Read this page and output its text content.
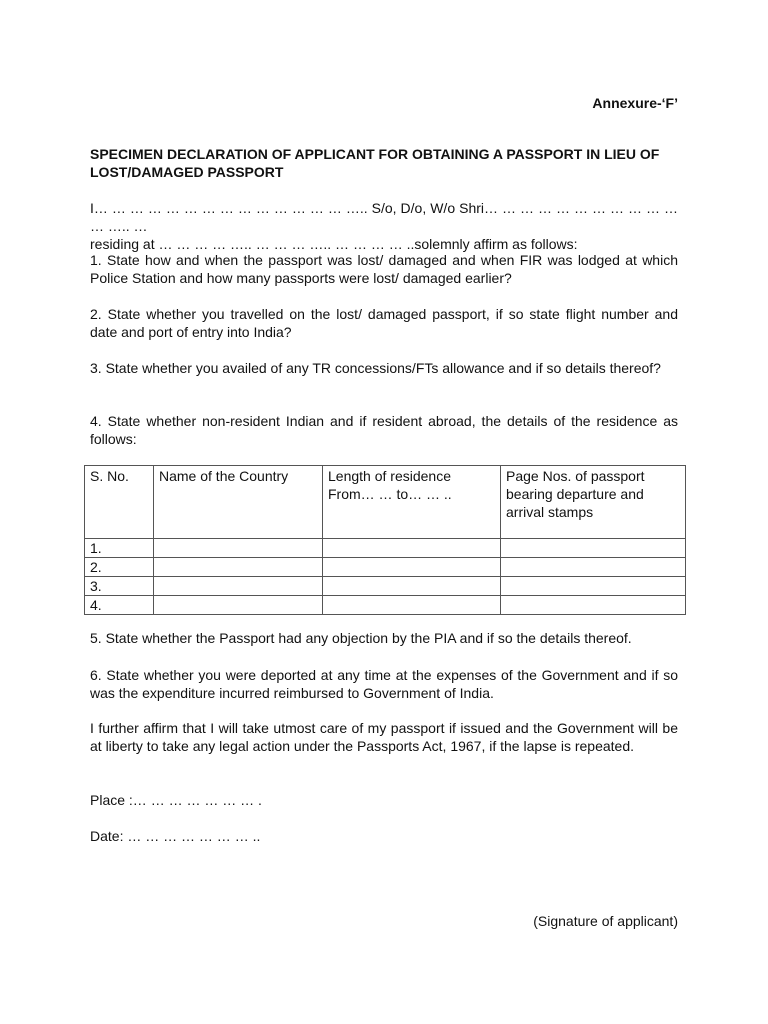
Annexure-‘F’
SPECIMEN DECLARATION OF APPLICANT FOR OBTAINING A PASSPORT IN LIEU OF LOST/DAMAGED PASSPORT
I… … … … … … … … … … … … … … ….. S/o, D/o, W/o Shri… … … … … … … … … … … … ….. …
residing at … … … … ….. … … … ….. … … … … ..solemnly affirm as follows:
1. State how and when the passport was lost/ damaged and when FIR was lodged at which Police Station and how many passports were lost/ damaged earlier?
2. State whether you travelled on the lost/ damaged passport, if so state flight number and date and port of entry into India?
3. State whether you availed of any TR concessions/FTs allowance and if so details thereof?
4. State whether non-resident Indian and if resident abroad, the details of the residence as follows:
S. No.	Name of the Country	Length of residence From… … to… … ..	Page Nos. of passport bearing departure and arrival stamps
1.			
2.			
3.			
4.			
5. State whether the Passport had any objection by the PIA and if so the details thereof.
6. State whether you were deported at any time at the expenses of the Government and if so was the expenditure incurred reimbursed to Government of India.
I further affirm that I will take utmost care of my passport if issued and the Government will be at liberty to take any legal action under the Passports Act, 1967, if the lapse is repeated.
Place :… … … … … … … .
Date: … … … … … … … ..
(Signature of applicant)
